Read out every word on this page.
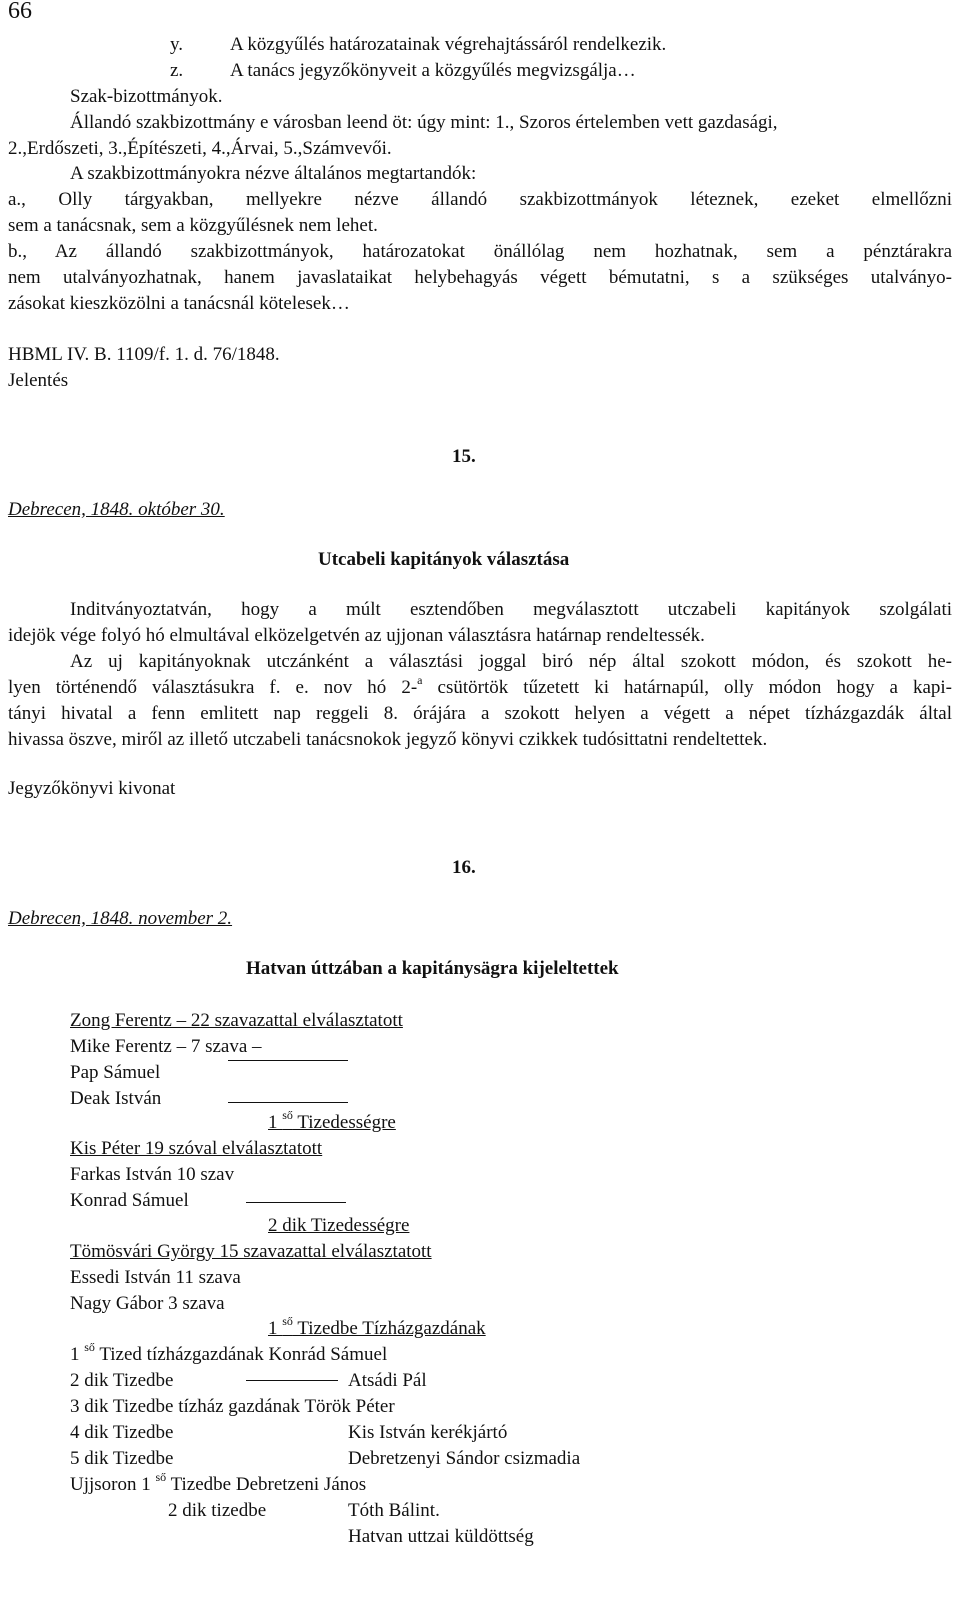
66
y. A közgyűlés határozatainak végrehajtássáról rendelkezik.
z. A tanács jegyzőkönyveit a közgyűlés megvizsgálja…
Szak-bizottmányok.
Állandó szakbizottmány e városban leend öt: úgy mint: 1., Szoros értelemben vett gazdasági,
2.,Erdőszeti, 3.,Építészeti, 4.,Árvai, 5.,Számvevői.
A szakbizottmányokra nézve általános megtartandók:
a., Olly tárgyakban, mellyekre nézve állandó szakbizottmányok léteznek, ezeket elmellőzni
sem a tanácsnak, sem a közgyűlésnek nem lehet.
b., Az állandó szakbizottmányok, határozatokat önállólag nem hozhatnak, sem a pénztárakra
nem utalványozhatnak, hanem javaslataikat helybehagyás végett bémutatni, s a szükséges utalványo-
zásokat kieszközölni a tanácsnál kötelesek…
HBML IV. B. 1109/f. 1. d. 76/1848.
Jelentés
15.
Debrecen, 1848. október 30.
Utcabeli kapitányok választása
Inditványoztatván, hogy a múlt esztendőben megválasztott utczabeli kapitányok szolgálati
idejök vége folyó hó elmultával elközelgetvén az ujjonan választásra határnap rendeltessék.
Az uj kapitányoknak utczánként a választási joggal biró nép által szokott módon, és szokott he-
lyen történendő választásukra f. e. nov hó 2-$^a$ csütörtök tűzetett ki határnapúl, olly módon hogy a kapi-
tányi hivatal a fenn emlitett nap reggeli 8. órájára a szokott helyen a végett a népet tízházgazdák által
hivassa öszve, miről az illető utczabeli tanácsnokok jegyző könyvi czikkek tudósittatni rendeltettek.
Jegyzőkönyvi kivonat
16.
Debrecen, 1848. november 2.
Hatvan úttzában a kapitánysägra kijeleltettek
Zong Ferentz – 22 szavazattal elválasztatott
Mike Ferentz – 7 szava –
Pap Sámuel
Deak István
1 $^{ső}$ Tizedességre
Kis Péter 19 szóval elválasztatott
Farkas István 10 szav
Konrad Sámuel
2 dik Tizedességre
Tömösvári György 15 szavazattal elválasztatott
Essedi István 11 szava
Nagy Gábor 3 szava
1 $^{ső}$ Tizedbe Tízházgazdának
1 $^{ső}$ Tized tízházgazdának Konrád Sámuel
2 dik Tizedbe	Atsádi Pál
3 dik Tizedbe tízház gazdának Török Péter
4 dik Tizedbe	Kis István kerékjártó
5 dik Tizedbe	Debretzenyi Sándor csizmadia
Ujjsoron 1 $^{ső}$ Tizedbe Debretzeni János
2 dik tizedbe	Tóth Bálint.
Hatvan uttzai küldöttség
